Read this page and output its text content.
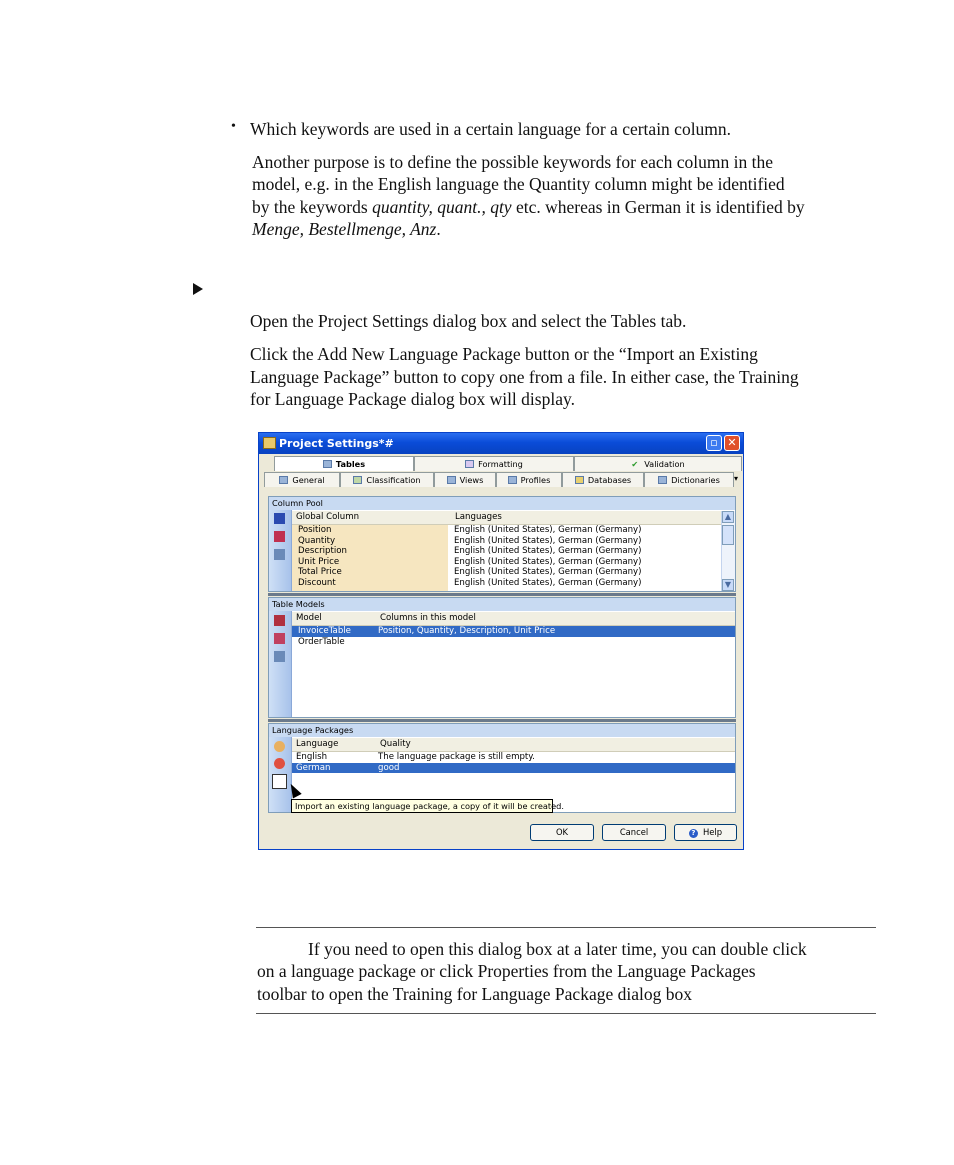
• Which keywords are used in a certain language for a certain column.
Another purpose is to define the possible keywords for each column in the
model, e.g. in the English language the Quantity column might be identified
by the keywords quantity, quant., qty etc. whereas in German it is identified by
Menge, Bestellmenge, Anz.
Open the Project Settings dialog box and select the Tables tab.
Click the Add New Language Package button or the “Import an Existing
Language Package” button to copy one from a file. In either case, the Training
for Language Package dialog box will display.
Project Settings*#	▫ ✕
Tables	Formatting	✔ Validation
General	Classification	Views	Profiles	Databases	Dictionaries	▾
Column Pool
Global Column	Languages
Position	English (United States), German (Germany)
Quantity	English (United States), German (Germany)
Description	English (United States), German (Germany)
Unit Price	English (United States), German (Germany)
Total Price	English (United States), German (Germany)
Discount	English (United States), German (Germany)
▲
▼
Table Models
Model	Columns in this model
InvoiceTable	Position, Quantity, Description, Unit Price
OrderTable
Language Packages
Language	Quality
English	The language package is still empty.
German	good
Import an existing language package, a copy of it will be created.
OK	Cancel	? Help
If you need to open this dialog box at a later time, you can double click
on a language package or click Properties from the Language Packages
toolbar to open the Training for Language Package dialog box
